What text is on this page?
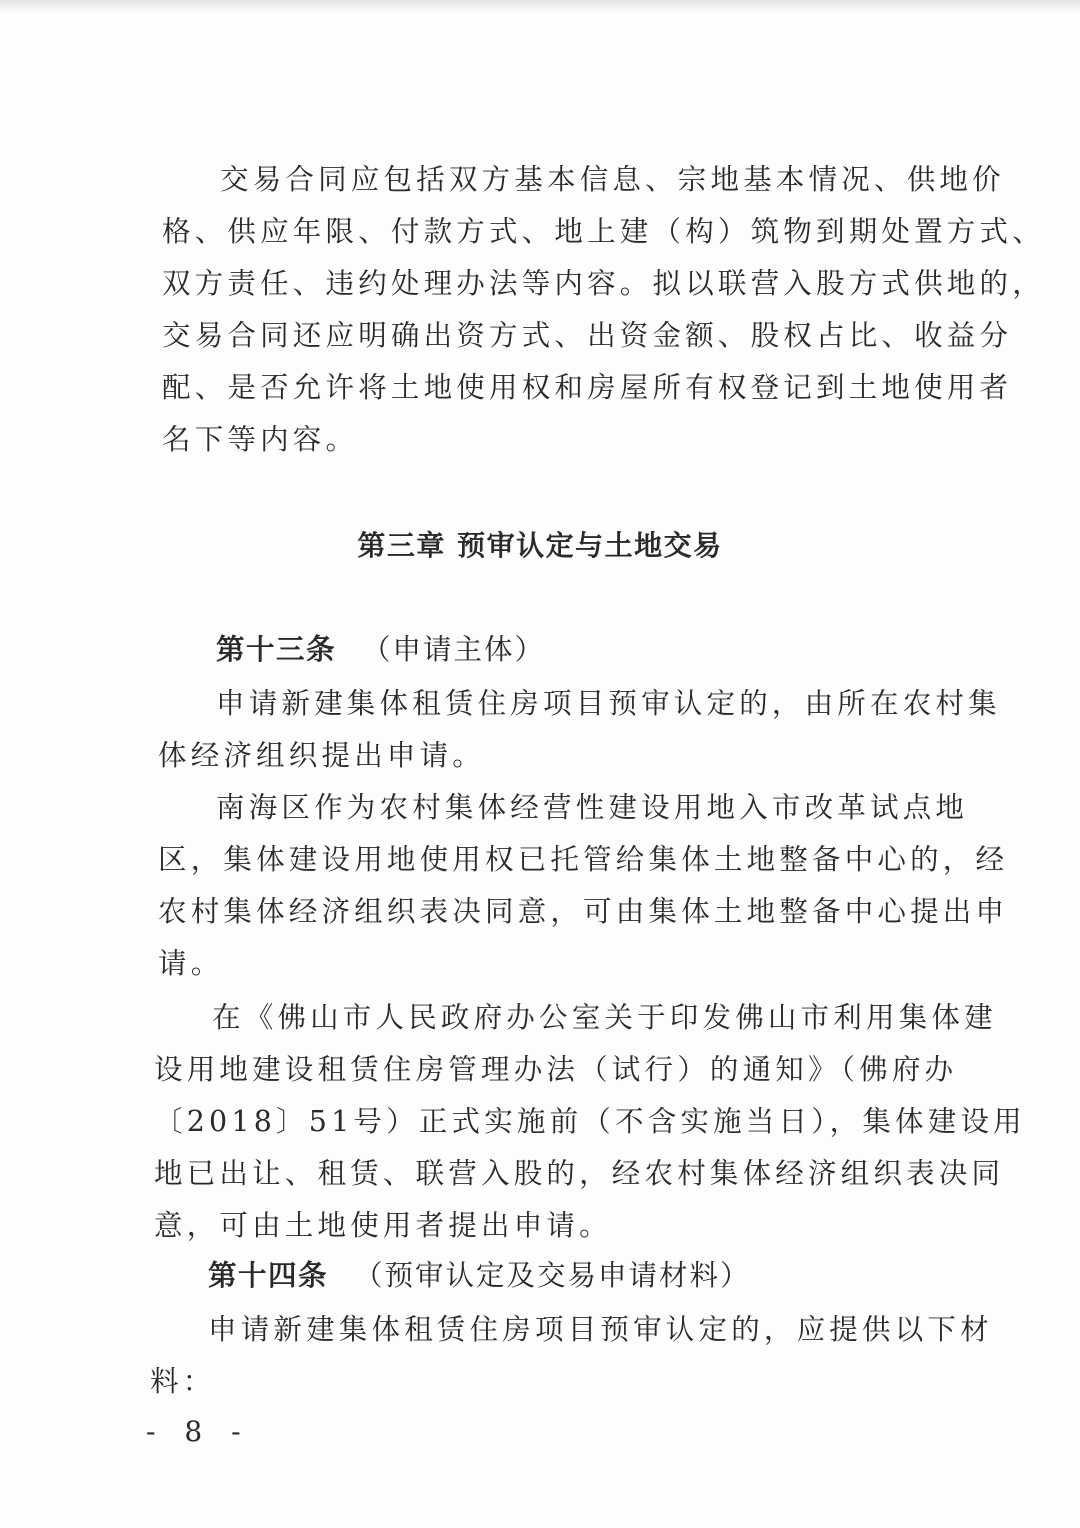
交易合同应包括双方基本信息、宗地基本情况、供地价
格、供应年限、付款方式、地上建（构）筑物到期处置方式、
双方责任、违约处理办法等内容。拟以联营入股方式供地的，
交易合同还应明确出资方式、出资金额、股权占比、收益分
配、是否允许将土地使用权和房屋所有权登记到土地使用者
名下等内容。
第三章 预审认定与土地交易
第十三条 （申请主体）
申请新建集体租赁住房项目预审认定的，由所在农村集
体经济组织提出申请。
南海区作为农村集体经营性建设用地入市改革试点地
区，集体建设用地使用权已托管给集体土地整备中心的，经
农村集体经济组织表决同意，可由集体土地整备中心提出申
请。
在《佛山市人民政府办公室关于印发佛山市利用集体建
设用地建设租赁住房管理办法（试行）的通知》（佛府办
〔2018〕51号）正式实施前（不含实施当日），集体建设用
地已出让、租赁、联营入股的，经农村集体经济组织表决同
意，可由土地使用者提出申请。
第十四条 （预审认定及交易申请材料）
申请新建集体租赁住房项目预审认定的，应提供以下材
料：
- 8 -
